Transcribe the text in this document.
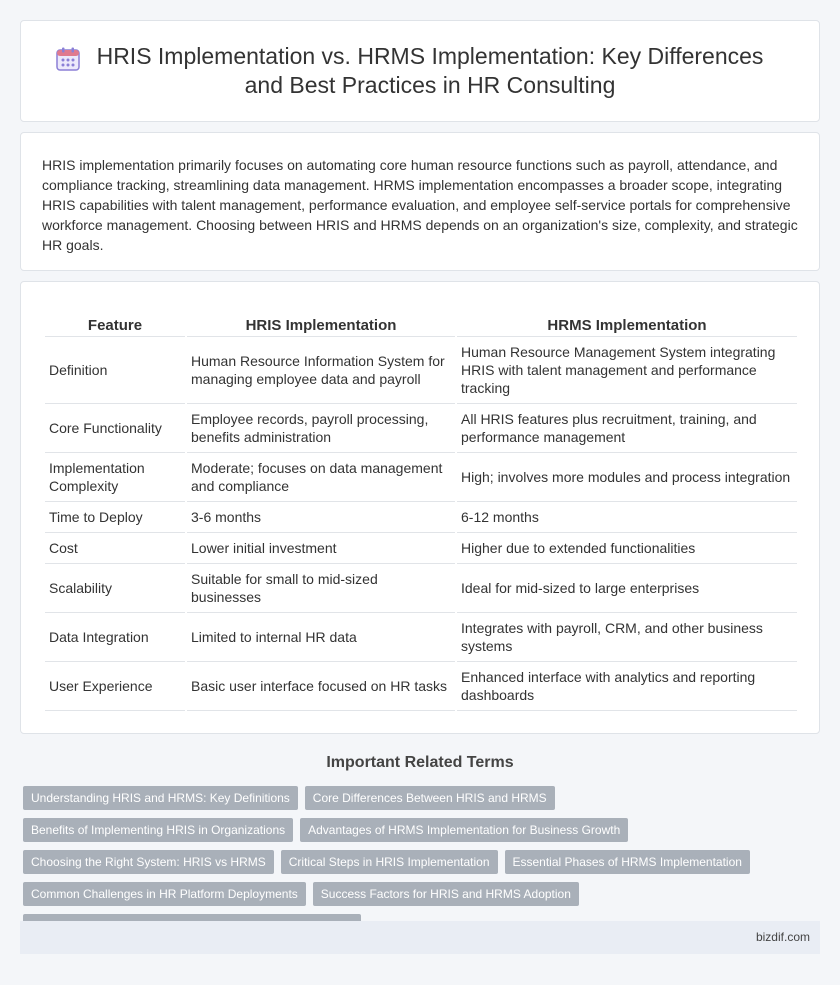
HRIS Implementation vs. HRMS Implementation: Key Differences and Best Practices in HR Consulting

HRIS implementation primarily focuses on automating core human resource functions such as payroll, attendance, and compliance tracking, streamlining data management. HRMS implementation encompasses a broader scope, integrating HRIS capabilities with talent management, performance evaluation, and employee self-service portals for comprehensive workforce management. Choosing between HRIS and HRMS depends on an organization's size, complexity, and strategic HR goals.

Feature	HRIS Implementation	HRMS Implementation
Definition	Human Resource Information System for managing employee data and payroll	Human Resource Management System integrating HRIS with talent management and performance tracking
Core Functionality	Employee records, payroll processing, benefits administration	All HRIS features plus recruitment, training, and performance management
Implementation Complexity	Moderate; focuses on data management and compliance	High; involves more modules and process integration
Time to Deploy	3-6 months	6-12 months
Cost	Lower initial investment	Higher due to extended functionalities
Scalability	Suitable for small to mid-sized businesses	Ideal for mid-sized to large enterprises
Data Integration	Limited to internal HR data	Integrates with payroll, CRM, and other business systems
User Experience	Basic user interface focused on HR tasks	Enhanced interface with analytics and reporting dashboards
Important Related Terms
Understanding HRIS and HRMS: Key Definitions	Core Differences Between HRIS and HRMS
Benefits of Implementing HRIS in Organizations	Advantages of HRMS Implementation for Business Growth
Choosing the Right System: HRIS vs HRMS	Critical Steps in HRIS Implementation	Essential Phases of HRMS Implementation
Common Challenges in HR Platform Deployments	Success Factors for HRIS and HRMS Adoption
bizdif.com
